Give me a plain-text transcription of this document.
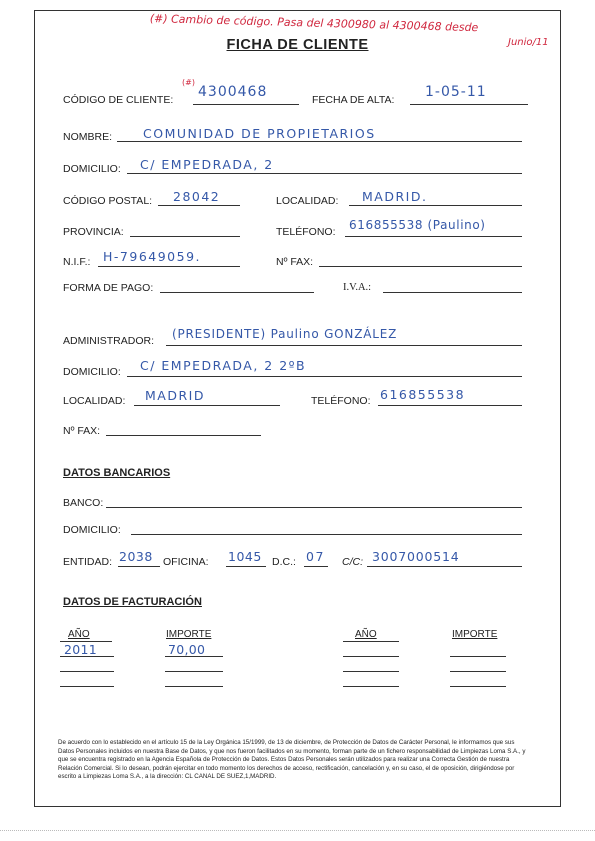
(#) Cambio de código. Pasa del 4300980 al 4300468 desde
Junio/11
FICHA DE CLIENTE
CÓDIGO DE CLIENTE:
(#)
4300468	FECHA DE ALTA: 1-05-11
NOMBRE: COMUNIDAD DE PROPIETARIOS
DOMICILIO: C/ EMPEDRADA, 2
CÓDIGO POSTAL: 28042	LOCALIDAD: MADRID.
PROVINCIA:	TELÉFONO: 616855538 (Paulino)
N.I.F.: H-79649059.	Nº FAX:
FORMA DE PAGO:	I.V.A.:
ADMINISTRADOR: (PRESIDENTE) Paulino GONZÁLEZ
DOMICILIO: C/ EMPEDRADA, 2 2ºB
LOCALIDAD: MADRID	TELÉFONO: 616855538
Nº FAX:
DATOS BANCARIOS
BANCO:
DOMICILIO:
ENTIDAD: 2038 OFICINA: 1045 D.C.: 07 C/C: 3007000514
DATOS DE FACTURACIÓN
AÑO	IMPORTE	AÑO	IMPORTE
2011	70,00
De acuerdo con lo establecido en el artículo 15 de la Ley Orgánica 15/1999, de 13 de diciembre, de Protección de Datos de Carácter Personal, le informamos que sus Datos Personales incluidos en nuestra Base de Datos, y que nos fueron facilitados en su momento, forman parte de un fichero responsabilidad de Limpiezas Loma S.A., y que se encuentra registrado en la Agencia Española de Protección de Datos. Estos Datos Personales serán utilizados para realizar una Correcta Gestión de nuestra Relación Comercial. Si lo desean, podrán ejercitar en todo momento los derechos de acceso, rectificación, cancelación y, en su caso, el de oposición, dirigiéndose por escrito a Limpiezas Loma S.A., a la dirección: CL CANAL DE SUEZ,1,MADRID.
